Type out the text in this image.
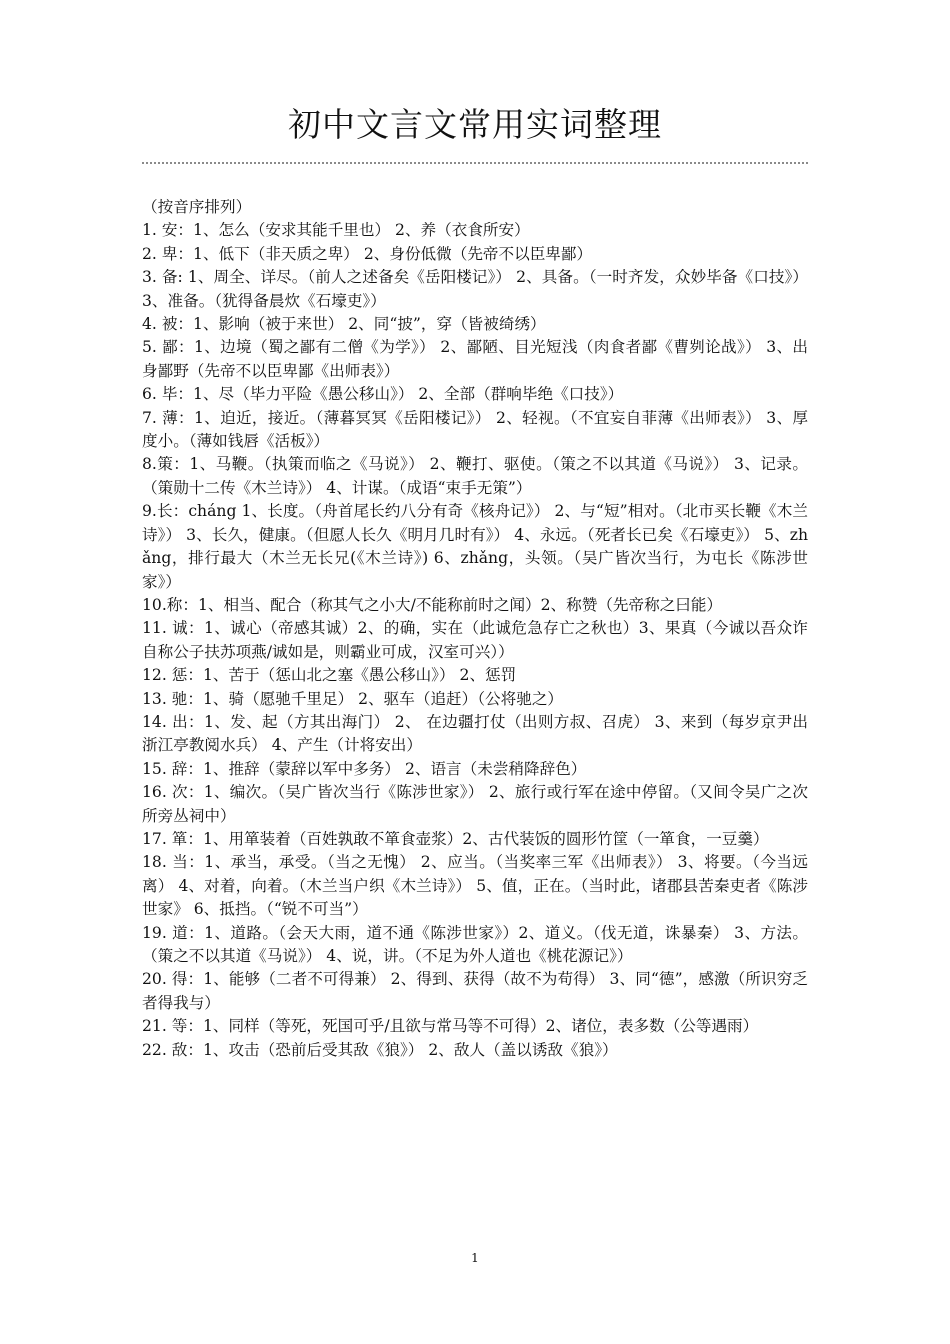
初中文言文常用实词整理

（按音序排列）

1. 安：1、怎么（安求其能千里也） 2、养（衣食所安）

2. 卑：1、低下（非天质之卑） 2、身份低微（先帝不以臣卑鄙）

3. 备: 1、周全、详尽。（前人之述备矣《岳阳楼记》） 2、具备。（一时齐发，众妙毕备《口技》） 3、准备。（犹得备晨炊《石壕吏》）

4. 被：1、影响（被于来世） 2、同“披”，穿（皆被绮绣）

5. 鄙：1、边境（蜀之鄙有二僧《为学》） 2、鄙陋、目光短浅（肉食者鄙《曹刿论战》） 3、出身鄙野（先帝不以臣卑鄙《出师表》）

6. 毕：1、尽（毕力平险《愚公移山》） 2、全部（群响毕绝《口技》）

7. 薄：1、迫近，接近。（薄暮冥冥《岳阳楼记》） 2、轻视。（不宜妄自菲薄《出师表》） 3、厚度小。（薄如钱唇《活板》）

8.策：1、马鞭。（执策而临之《马说》） 2、鞭打、驱使。（策之不以其道《马说》） 3、记录。（策勋十二传《木兰诗》） 4、计谋。（成语“束手无策”）

9.长：cháng 1、长度。（舟首尾长约八分有奇《核舟记》） 2、与“短”相对。（北市买长鞭《木兰诗》） 3、长久，健康。（但愿人长久《明月几时有》） 4、永远。（死者长已矣《石壕吏》） 5、zhǎng，排行最大（木兰无长兄(《木兰诗》) 6、zhǎng，头领。（吴广皆次当行，为屯长《陈涉世家》）

10.称：1、相当、配合（称其气之小大/不能称前时之闻）2、称赞（先帝称之曰能）

11. 诚：1、诚心（帝感其诚）2、的确，实在（此诚危急存亡之秋也）3、果真（今诚以吾众诈自称公子扶苏项燕/诚如是，则霸业可成，汉室可兴））

12. 惩：1、苦于（惩山北之塞《愚公移山》） 2、惩罚

13. 驰：1、骑（愿驰千里足） 2、驱车（追赶）（公将驰之）

14. 出：1、发、起（方其出海门） 2、 在边疆打仗（出则方叔、召虎） 3、来到（每岁京尹出浙江亭教阅水兵） 4、产生（计将安出）

15. 辞：1、推辞（蒙辞以军中多务） 2、语言（未尝稍降辞色）

16. 次：1、编次。（吴广皆次当行《陈涉世家》） 2、旅行或行军在途中停留。（又间令吴广之次所旁丛祠中）

17. 箪：1、用箪装着（百姓孰敢不箪食壶浆）2、古代装饭的圆形竹筐（一箪食，一豆羹）

18. 当：1、承当，承受。（当之无愧） 2、应当。（当奖率三军《出师表》） 3、将要。（今当远离） 4、对着，向着。（木兰当户织《木兰诗》） 5、值，正在。（当时此，诸郡县苦秦吏者《陈涉世家》 6、抵挡。（“锐不可当”）

19. 道：1、道路。（会天大雨，道不通《陈涉世家》）2、道义。（伐无道，诛暴秦） 3、方法。（策之不以其道《马说》） 4、说，讲。（不足为外人道也《桃花源记》）

20. 得：1、能够（二者不可得兼） 2、得到、获得（故不为苟得） 3、同“德”，感激（所识穷乏者得我与）

21. 等：1、同样（等死，死国可乎/且欲与常马等不可得）2、诸位，表多数（公等遇雨）

22. 敌：1、攻击（恐前后受其敌《狼》） 2、敌人（盖以诱敌《狼》）

1
